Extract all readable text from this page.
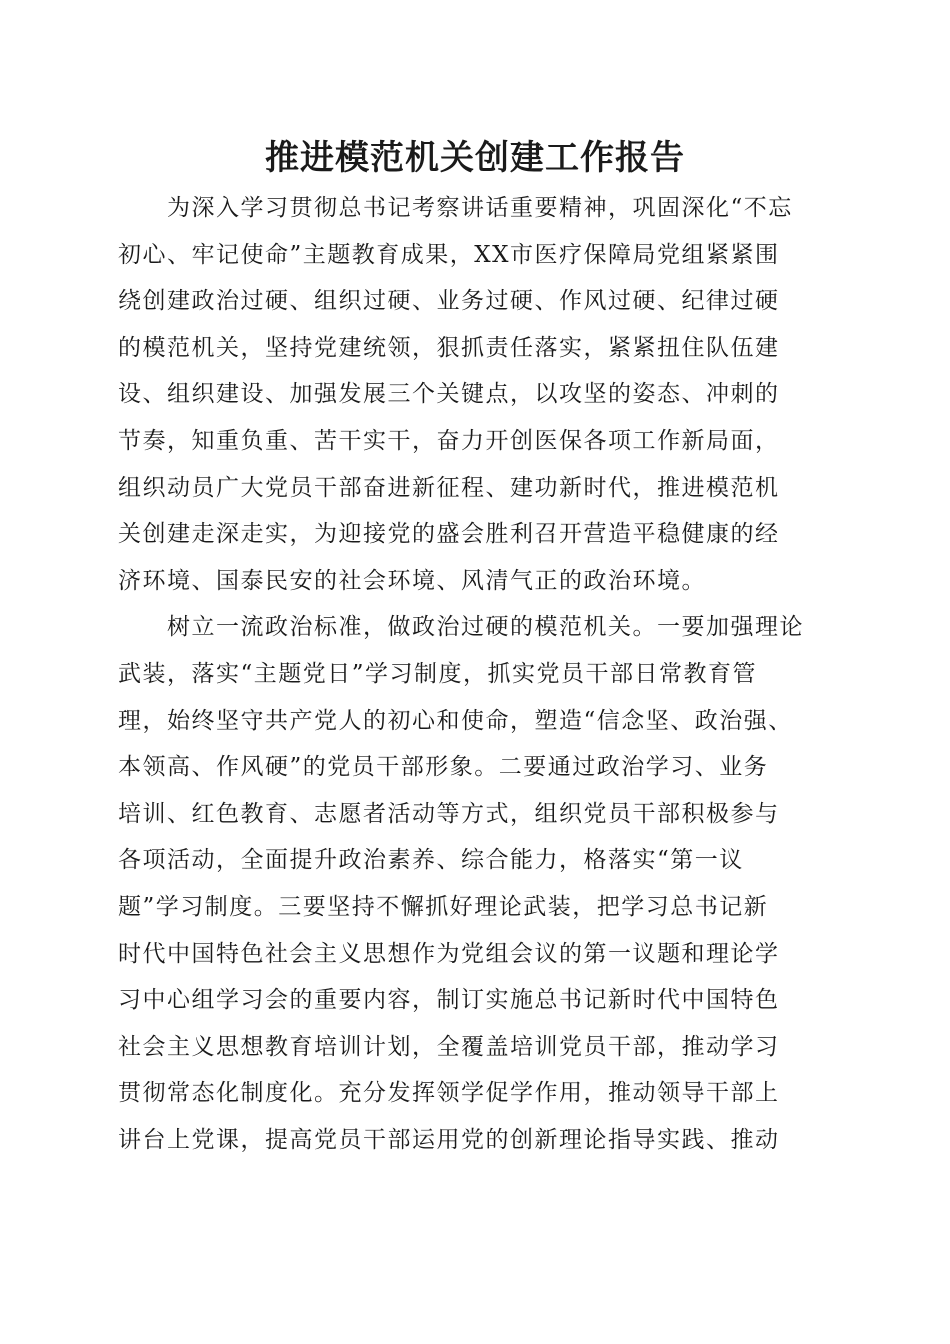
推进模范机关创建工作报告

　　为深入学习贯彻总书记考察讲话重要精神，巩固深化“不忘
初心、牢记使命”主题教育成果，XX市医疗保障局党组紧紧围
绕创建政治过硬、组织过硬、业务过硬、作风过硬、纪律过硬
的模范机关，坚持党建统领，狠抓责任落实，紧紧扭住队伍建
设、组织建设、加强发展三个关键点，以攻坚的姿态、冲刺的
节奏，知重负重、苦干实干，奋力开创医保各项工作新局面，
组织动员广大党员干部奋进新征程、建功新时代，推进模范机
关创建走深走实，为迎接党的盛会胜利召开营造平稳健康的经
济环境、国泰民安的社会环境、风清气正的政治环境。

　　树立一流政治标准，做政治过硬的模范机关。一要加强理论
武装，落实“主题党日”学习制度，抓实党员干部日常教育管
理，始终坚守共产党人的初心和使命，塑造“信念坚、政治强、
本领高、作风硬”的党员干部形象。二要通过政治学习、业务
培训、红色教育、志愿者活动等方式，组织党员干部积极参与
各项活动，全面提升政治素养、综合能力，格落实“第一议
题”学习制度。三要坚持不懈抓好理论武装，把学习总书记新
时代中国特色社会主义思想作为党组会议的第一议题和理论学
习中心组学习会的重要内容，制订实施总书记新时代中国特色
社会主义思想教育培训计划，全覆盖培训党员干部，推动学习
贯彻常态化制度化。充分发挥领学促学作用，推动领导干部上
讲台上党课，提高党员干部运用党的创新理论指导实践、推动
